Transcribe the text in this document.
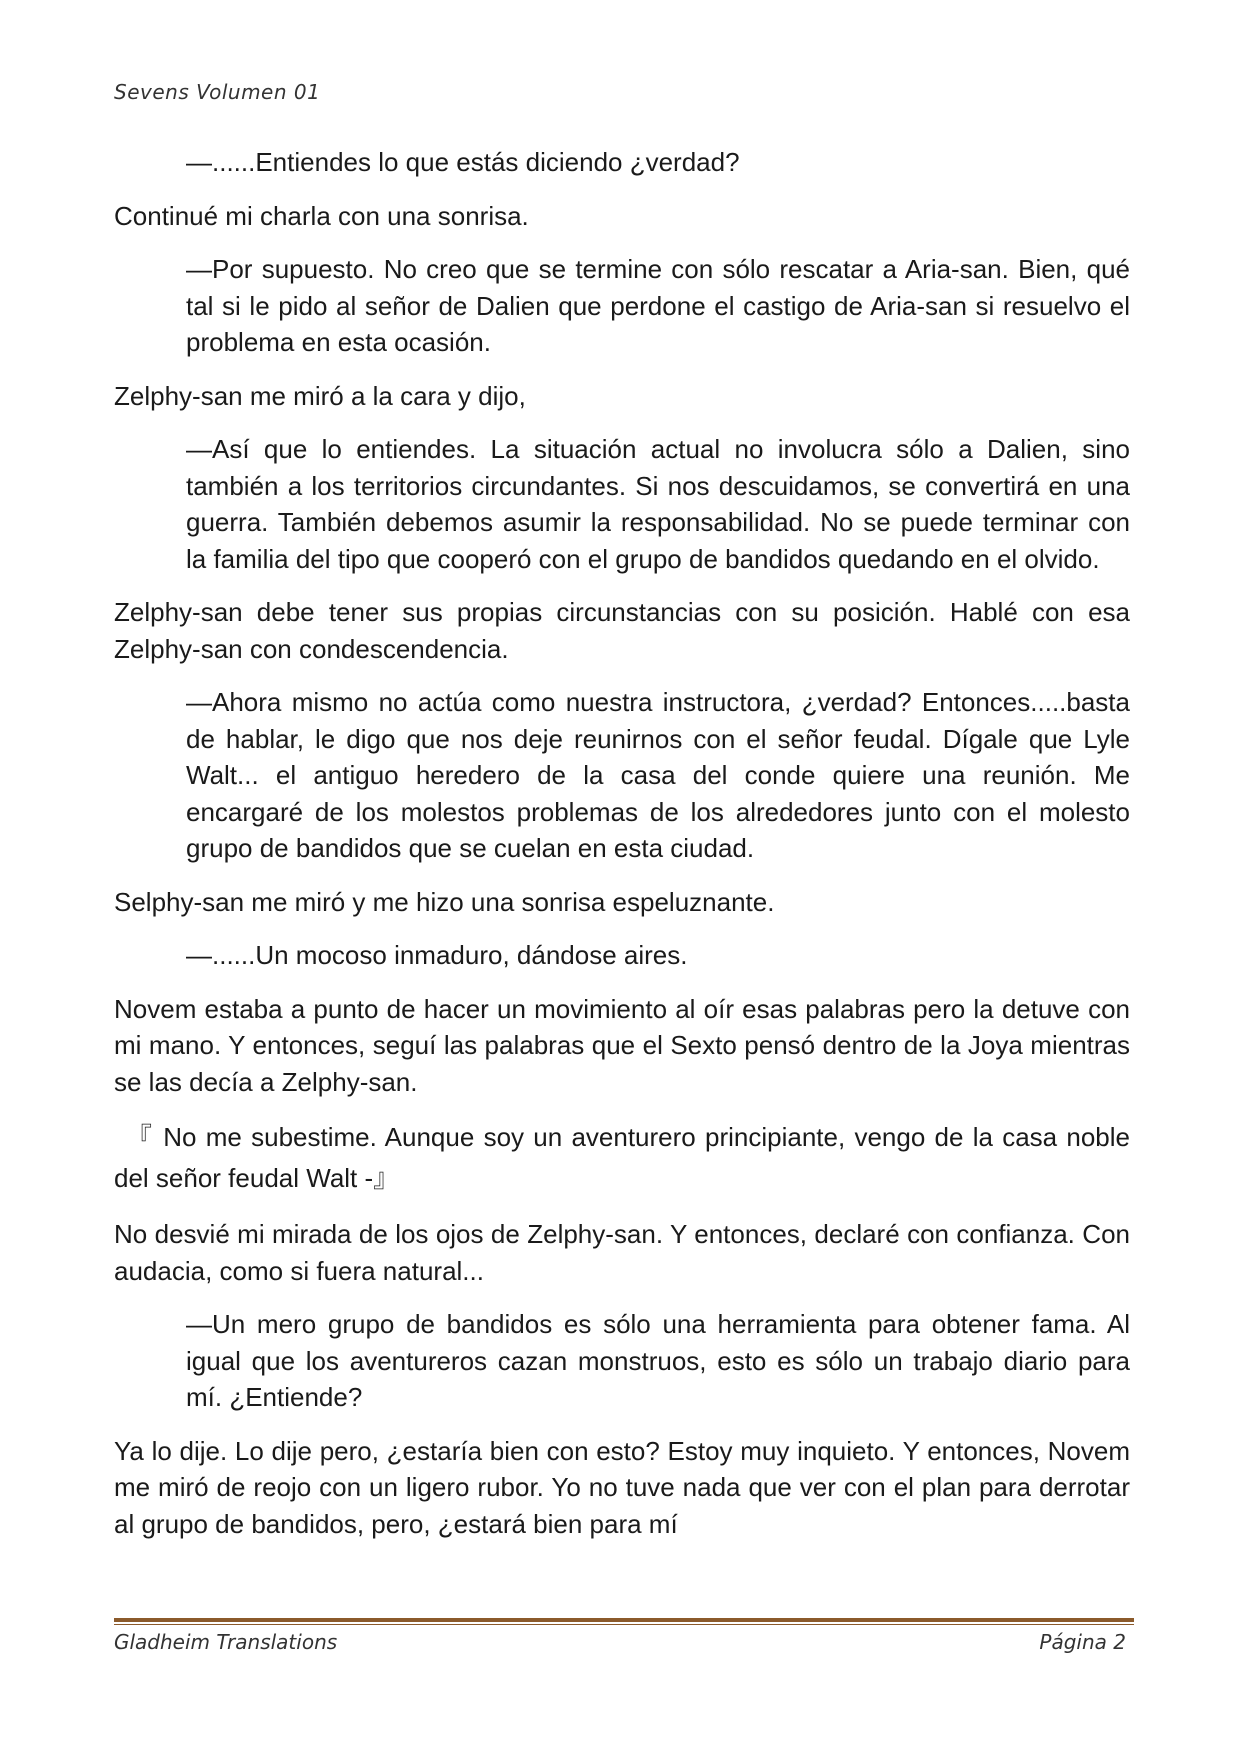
Sevens Volumen 01

—......Entiendes lo que estás diciendo ¿verdad?

Continué mi charla con una sonrisa.

—Por supuesto. No creo que se termine con sólo rescatar a Aria-san. Bien, qué tal si le pido al señor de Dalien que perdone el castigo de Aria-san si resuelvo el problema en esta ocasión.

Zelphy-san me miró a la cara y dijo,

—Así que lo entiendes. La situación actual no involucra sólo a Dalien, sino también a los territorios circundantes. Si nos descuidamos, se convertirá en una guerra. También debemos asumir la responsabilidad. No se puede terminar con la familia del tipo que cooperó con el grupo de bandidos quedando en el olvido.

Zelphy-san debe tener sus propias circunstancias con su posición. Hablé con esa Zelphy-san con condescendencia.

—Ahora mismo no actúa como nuestra instructora, ¿verdad? Entonces.....basta de hablar, le digo que nos deje reunirnos con el señor feudal. Dígale que Lyle Walt... el antiguo heredero de la casa del conde quiere una reunión. Me encargaré de los molestos problemas de los alrededores junto con el molesto grupo de bandidos que se cuelan en esta ciudad.

Selphy-san me miró y me hizo una sonrisa espeluznante.

—......Un mocoso inmaduro, dándose aires.

Novem estaba a punto de hacer un movimiento al oír esas palabras pero la detuve con mi mano. Y entonces, seguí las palabras que el Sexto pensó dentro de la Joya mientras se las decía a Zelphy-san.

『 No me subestime. Aunque soy un aventurero principiante, vengo de la casa noble del señor feudal Walt -』

No desvié mi mirada de los ojos de Zelphy-san. Y entonces, declaré con confianza. Con audacia, como si fuera natural...

—Un mero grupo de bandidos es sólo una herramienta para obtener fama. Al igual que los aventureros cazan monstruos, esto es sólo un trabajo diario para mí. ¿Entiende?

Ya lo dije. Lo dije pero, ¿estaría bien con esto? Estoy muy inquieto. Y entonces, Novem me miró de reojo con un ligero rubor. Yo no tuve nada que ver con el plan para derrotar al grupo de bandidos, pero, ¿estará bien para mí

Gladheim Translations	Página 2
